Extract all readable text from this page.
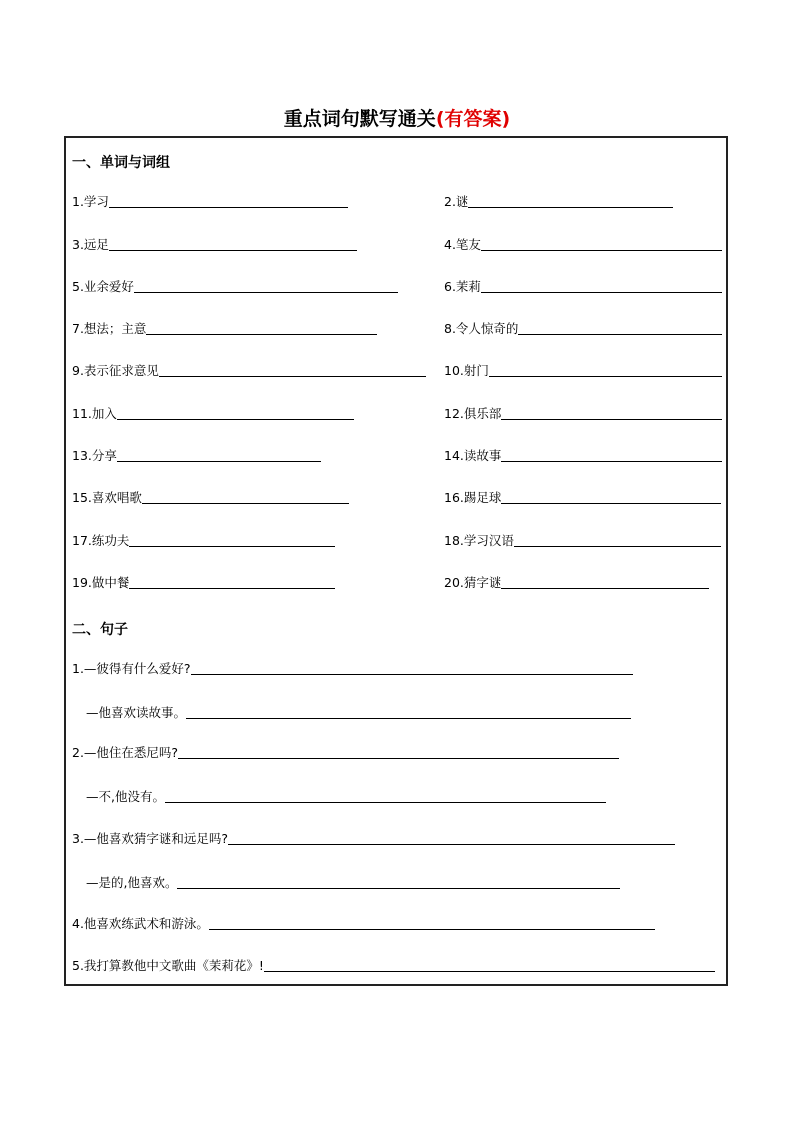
重点词句默写通关(有答案)
一、单词与词组
1.学习
3.远足
5.业余爱好
7.想法；主意
9.表示征求意见
11.加入
13.分享
15.喜欢唱歌
17.练功夫
19.做中餐
2.谜
4.笔友
6.茉莉
8.令人惊奇的
10.射门
12.俱乐部
14.读故事
16.踢足球
18.学习汉语
20.猜字谜
二、句子
1.—彼得有什么爱好?
—他喜欢读故事。
2.—他住在悉尼吗?
—不,他没有。
3.—他喜欢猜字谜和远足吗?
—是的,他喜欢。
4.他喜欢练武术和游泳。
5.我打算教他中文歌曲《茉莉花》!
